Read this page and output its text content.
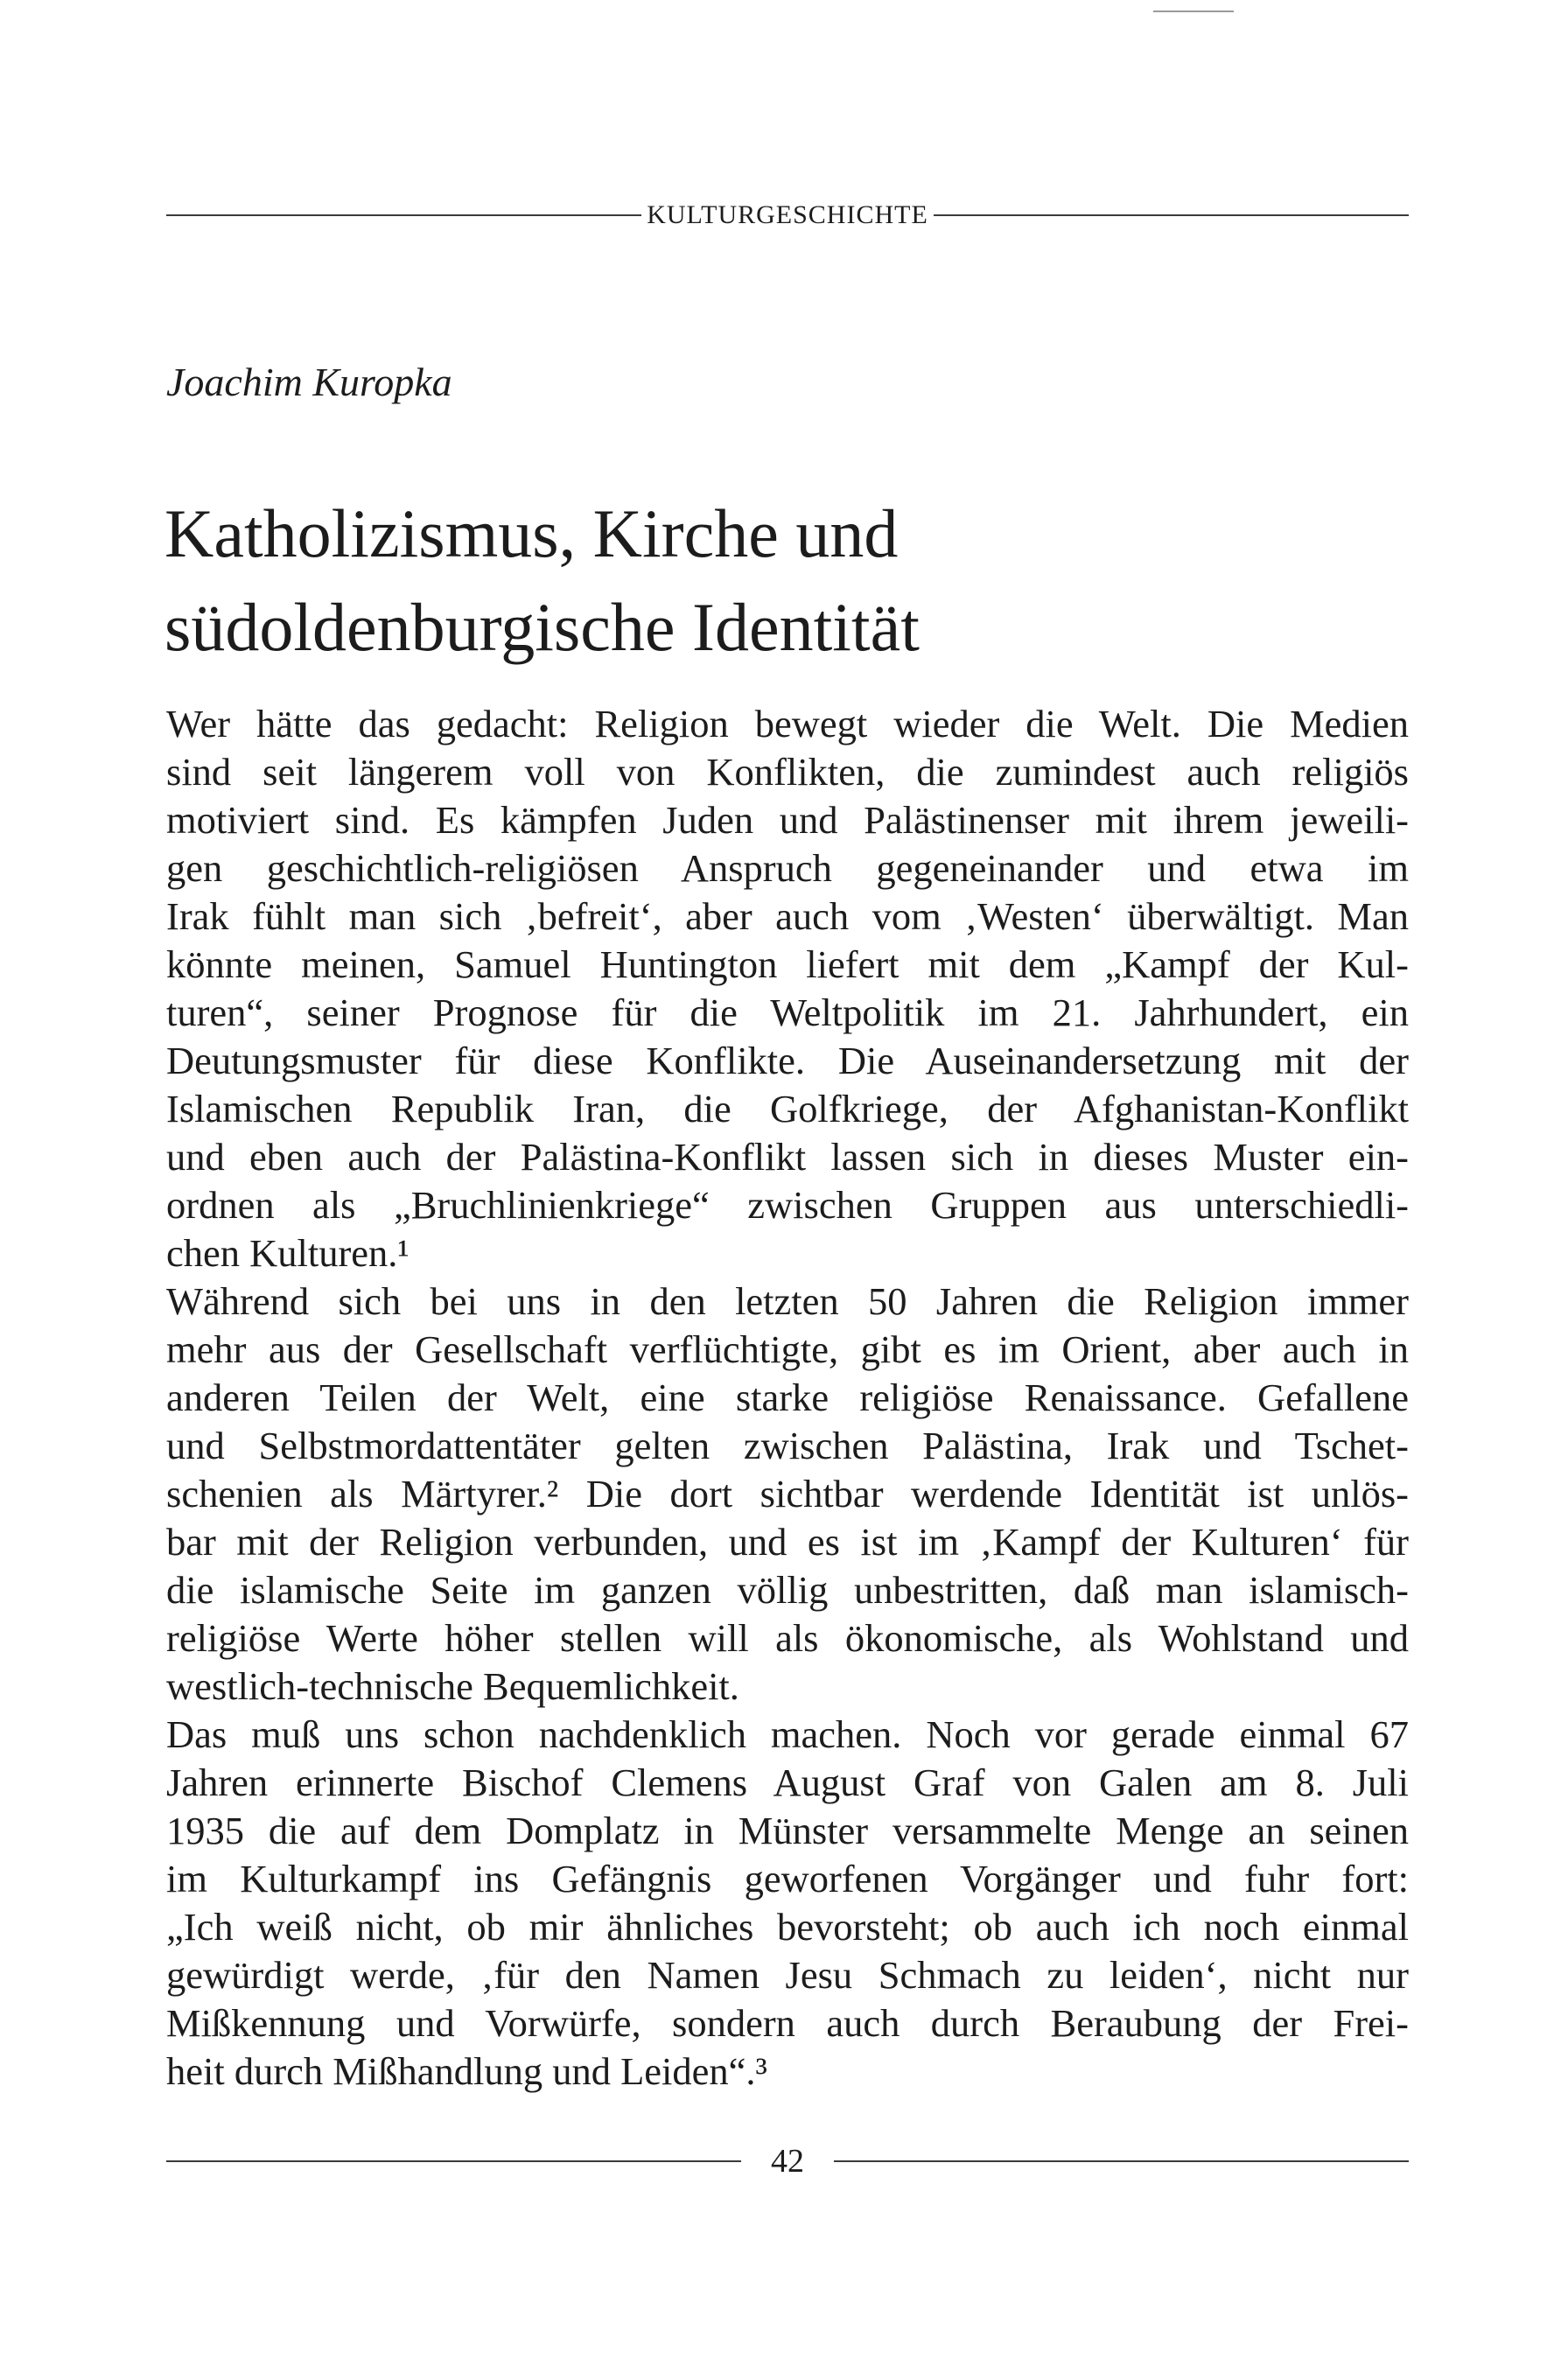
KULTURGESCHICHTE
Joachim Kuropka
Katholizismus, Kirche und
südoldenburgische Identität
Wer hätte das gedacht: Religion bewegt wieder die Welt. Die Medien
sind seit längerem voll von Konflikten, die zumindest auch religiös
motiviert sind. Es kämpfen Juden und Palästinenser mit ihrem jeweili-
gen geschichtlich-religiösen Anspruch gegeneinander und etwa im
Irak fühlt man sich ‚befreit‘, aber auch vom ‚Westen‘ überwältigt. Man
könnte meinen, Samuel Huntington liefert mit dem „Kampf der Kul-
turen“, seiner Prognose für die Weltpolitik im 21. Jahrhundert, ein
Deutungsmuster für diese Konflikte. Die Auseinandersetzung mit der
Islamischen Republik Iran, die Golfkriege, der Afghanistan-Konflikt
und eben auch der Palästina-Konflikt lassen sich in dieses Muster ein-
ordnen als „Bruchlinienkriege“ zwischen Gruppen aus unterschiedli-
chen Kulturen.¹
Während sich bei uns in den letzten 50 Jahren die Religion immer
mehr aus der Gesellschaft verflüchtigte, gibt es im Orient, aber auch in
anderen Teilen der Welt, eine starke religiöse Renaissance. Gefallene
und Selbstmordattentäter gelten zwischen Palästina, Irak und Tschet-
schenien als Märtyrer.² Die dort sichtbar werdende Identität ist unlös-
bar mit der Religion verbunden, und es ist im ‚Kampf der Kulturen‘ für
die islamische Seite im ganzen völlig unbestritten, daß man islamisch-
religiöse Werte höher stellen will als ökonomische, als Wohlstand und
westlich-technische Bequemlichkeit.
Das muß uns schon nachdenklich machen. Noch vor gerade einmal 67
Jahren erinnerte Bischof Clemens August Graf von Galen am 8. Juli
1935 die auf dem Domplatz in Münster versammelte Menge an seinen
im Kulturkampf ins Gefängnis geworfenen Vorgänger und fuhr fort:
„Ich weiß nicht, ob mir ähnliches bevorsteht; ob auch ich noch einmal
gewürdigt werde, ‚für den Namen Jesu Schmach zu leiden‘, nicht nur
Mißkennung und Vorwürfe, sondern auch durch Beraubung der Frei-
heit durch Mißhandlung und Leiden“.³
42
